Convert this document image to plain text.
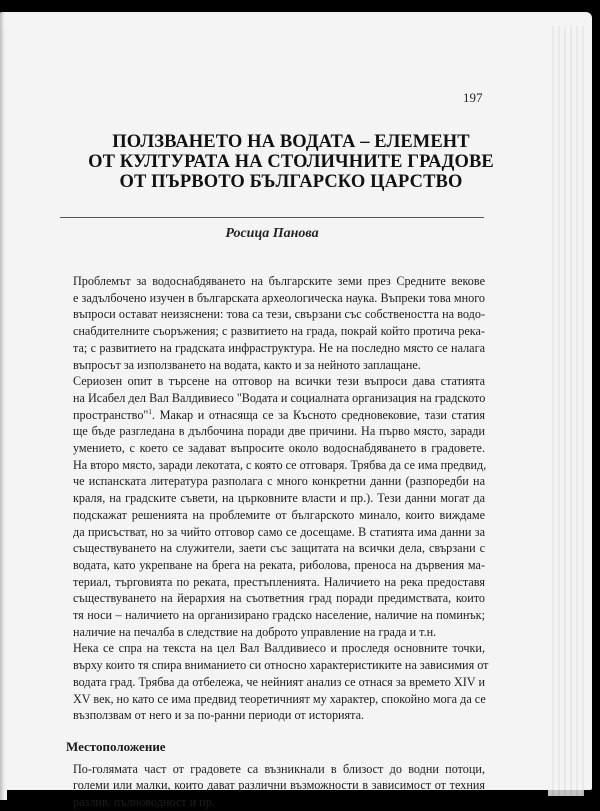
197
ПОЛЗВАНЕТО НА ВОДАТА – ЕЛЕМЕНТ
ОТ КУЛТУРАТА НА СТОЛИЧНИТЕ ГРАДОВЕ
ОТ ПЪРВОТО БЪЛГАРСКО ЦАРСТВО
Росица Панова

Проблемът за водоснабдяването на българските земи през Средните векове
е задълбочено изучен в българската археологическа наука. Въпреки това много
въпроси остават неизяснени: това са тези, свързани със собствеността на водо-
снабдителните съоръжения; с развитието на града, покрай който протича река-
та; с развитието на градската инфраструктура. Не на последно място се налага
въпросът за използването на водата, както и за нейното заплащане.

Сериозен опит в търсене на отговор на всички тези въпроси дава статията
на Исабел дел Вал Валдивиесо "Водата и социалната организация на градското
пространство"$^1$. Макар и отнасяща се за Късното средновековие, тази статия
ще бъде разгледана в дълбочина поради две причини. На първо място, заради
умението, с което се задават въпросите около водоснабдяването в градовете.
На второ място, заради лекотата, с която се отговаря. Трябва да се има предвид,
че испанската литература разполага с много конкретни данни (разпоредби на
краля, на градските съвети, на църковните власти и пр.). Тези данни могат да
подскажат решенията на проблемите от българското минало, които виждаме
да присъстват, но за чийто отговор само се досещаме. В статията има данни за
съществуването на служители, заети със защитата на всички дела, свързани с
водата, като укрепване на брега на реката, риболова, преноса на дървения ма-
териал, търговията по реката, престъпленията. Наличието на река предоставя
съществуването на йерархия на съответния град поради предимствата, които
тя носи – наличието на организирано градско население, наличие на поминък;
наличие на печалба в следствие на доброто управление на града и т.н.

Нека се спра на текста на цел Вал Валдивиесо и проследя основните точки,
върху които тя спира вниманието си относно характеристиките на зависимия от
водата град. Трябва да отбележа, че нейният анализ се отнася за времето XIV и
XV век, но като се има предвид теоретичният му характер, спокойно мога да се
възползвам от него и за по-ранни периоди от историята.

Местоположение

По-голямата част от градовете са възникнали в близост до водни потоци,
големи или малки, които дават различни възможности в зависимост от техния
разлив, пълноводност и пр.
